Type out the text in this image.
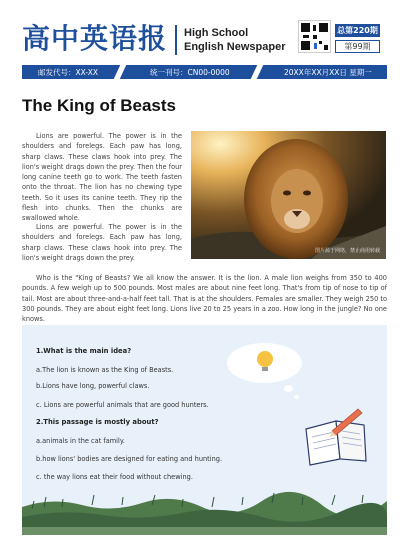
高中英语报 High School
English Newspaper
总第220期
第99期
邮发代号：XX-XX	统一刊号：CN00-0000	20XX年XX月XX日 星期一
The King of Beasts

Lions are powerful. The power is in the shoulders and forelegs. Each paw has long, sharp claws. These claws hook into prey. The lion's weight drags down the prey. Then the four long canine teeth go to work. The teeth fasten onto the throat. The lion has no chewing type teeth. So it uses its canine teeth. They rip the flesh into chunks. Then the chunks are swallowed whole.

Lions are powerful. The power is in the shoulders and forelegs. Each paw has long, sharp claws. These claws hook into prey. The lion's weight drags down the prey.

图片源于网络，禁止商用转载

Who is the "King of Beasts? We all know the answer. It is the lion. A male lion weighs from 350 to 400 pounds. A few weigh up to 500 pounds. Most males are about nine feet long. That's from tip of nose to tip of tail. Most are about three-and-a-half feet tall. That is at the shoulders. Females are smaller. They weigh 250 to 300 pounds. They are about eight feet long. Lions live 20 to 25 years in a zoo. How long in the jungle? No one knows.

1.What is the main idea?
a.The lion is known as the King of Beasts.
b.Lions have long, powerful claws.
c. Lions are powerful animals that are good hunters.
2.This passage is mostly about?
a.animals in the cat family.
b.how lions' bodies are designed for eating and hunting.
c. the way lions eat their food without chewing.
